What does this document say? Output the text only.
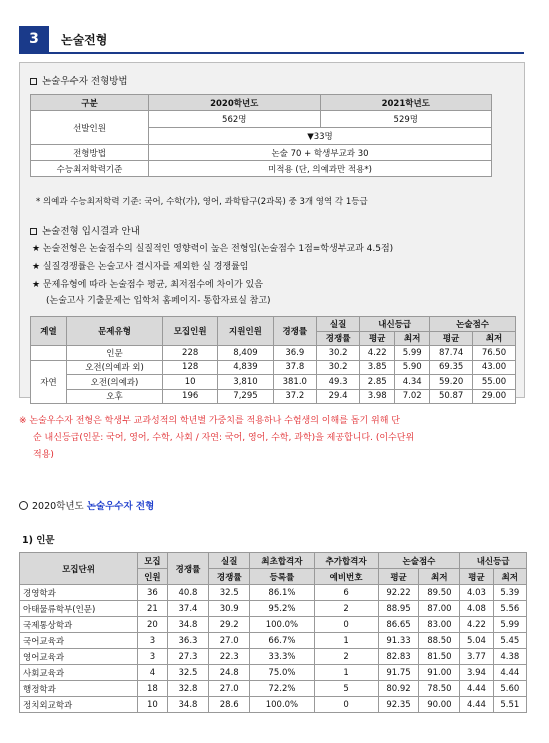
3	논술전형
논술우수자 전형방법
구분	2020학년도	2021학년도
선발인원	562명	529명
	▼33명	
전형방법	논술 70 + 학생부교과 30	
수능최저학력기준	미적용 (단, 의예과만 적용*)	
* 의예과 수능최저학력 기준: 국어, 수학(가), 영어, 과학탐구(2과목) 중 3개 영역 각 1등급
논술전형 입시결과 안내
★ 논술전형은 논술점수의 실질적인 영향력이 높은 전형임(논술점수 1점=학생부교과 4.5점)
★ 실질경쟁률은 논술고사 결시자를 제외한 실 경쟁률임
★ 문제유형에 따라 논술점수 평균, 최저점수에 차이가 있음
(논술고사 기출문제는 입학처 홈페이지- 통합자료실 참고)
계열	문제유형	모집인원	지원인원	경쟁률	실질	내신등급		논술점수	
					경쟁률	평균	최저	평균	최저
	인문	228	8,409	36.9	30.2	4.22	5.99	87.74	76.50
자연	오전(의예과 외)	128	4,839	37.8	30.2	3.85	5.90	69.35	43.00
	오전(의예과)	10	3,810	381.0	49.3	2.85	4.34	59.20	55.00
	오후	196	7,295	37.2	29.4	3.98	7.02	50.87	29.00
※ 논술우수자 전형은 학생부 교과성적의 학년별 가중치를 적용하나 수험생의 이해를 돕기 위해 단
순 내신등급(인문: 국어, 영어, 수학, 사회 / 자연: 국어, 영어, 수학, 과학)을 제공합니다. (이수단위
적용)
2020학년도 논술우수자 전형
1) 인문
모집단위	모집	경쟁률	실질	최초합격자	추가합격자	논술점수		내신등급	
	인원		경쟁률	등록률	예비번호	평균	최저	평균	최저
경영학과	36	40.8	32.5	86.1%	6	92.22	89.50	4.03	5.39
아태물류학부(인문)	21	37.4	30.9	95.2%	2	88.95	87.00	4.08	5.56
국제통상학과	20	34.8	29.2	100.0%	0	86.65	83.00	4.22	5.99
국어교육과	3	36.3	27.0	66.7%	1	91.33	88.50	5.04	5.45
영어교육과	3	27.3	22.3	33.3%	2	82.83	81.50	3.77	4.38
사회교육과	4	32.5	24.8	75.0%	1	91.75	91.00	3.94	4.44
행정학과	18	32.8	27.0	72.2%	5	80.92	78.50	4.44	5.60
정치외교학과	10	34.8	28.6	100.0%	0	92.35	90.00	4.44	5.51
